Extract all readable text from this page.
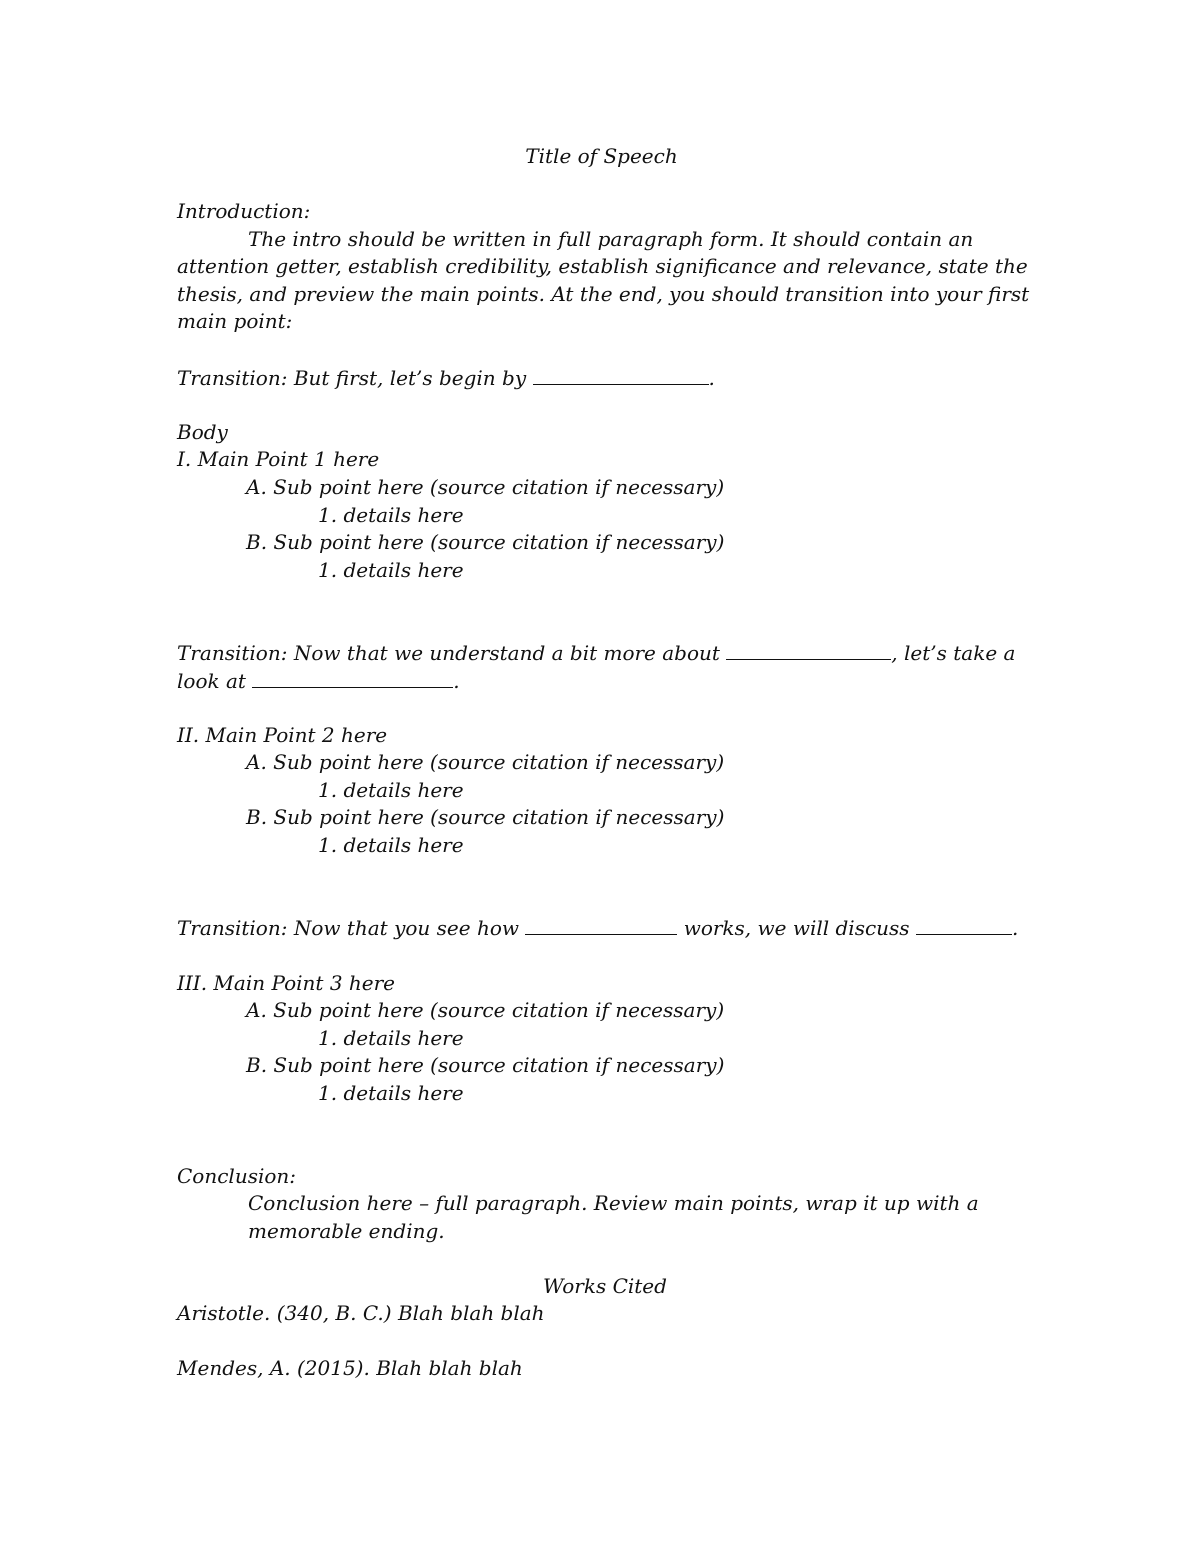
Title of Speech
Introduction:
The intro should be written in full paragraph form. It should contain an
attention getter, establish credibility, establish significance and relevance, state the
thesis, and preview the main points. At the end, you should transition into your first
main point:
Transition: But first, let’s begin by	.
Body
I. Main Point 1 here
A. Sub point here (source citation if necessary)
1. details here
B. Sub point here (source citation if necessary)
1. details here
Transition: Now that we understand a bit more about	, let’s take a
look at	.
II. Main Point 2 here
A. Sub point here (source citation if necessary)
1. details here
B. Sub point here (source citation if necessary)
1. details here
Transition: Now that you see how	works, we will discuss	.
III. Main Point 3 here
A. Sub point here (source citation if necessary)
1. details here
B. Sub point here (source citation if necessary)
1. details here
Conclusion:
Conclusion here – full paragraph. Review main points, wrap it up with a
memorable ending.
Works Cited
Aristotle. (340, B. C.) Blah blah blah
Mendes, A. (2015). Blah blah blah
